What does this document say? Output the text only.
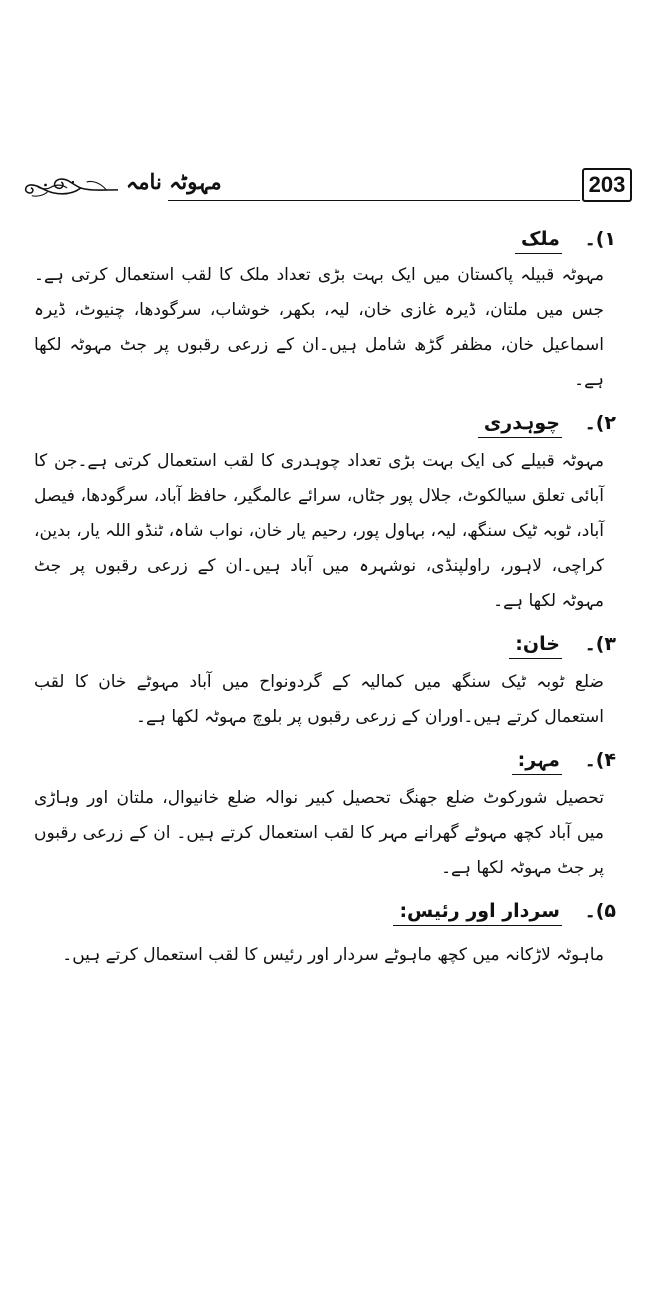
مہوٹہ نامہ	203
۱)۔ ملک

مہوٹہ قبیلہ پاکستان میں ایک بہت بڑی تعداد ملک کا لقب استعمال کرتی ہے۔ جس میں ملتان، ڈیرہ غازی خان، لیہ، بکھر، خوشاب، سرگودھا، چنیوٹ، ڈیرہ اسماعیل خان، مظفر گڑھ شامل ہیں۔ان کے زرعی رقبوں پر جٹ مہوٹہ لکھا ہے۔

۲)۔ چوہدری

مہوٹہ قبیلے کی ایک بہت بڑی تعداد چوہدری کا لقب استعمال کرتی ہے۔جن کا آبائی تعلق سیالکوٹ، جلال پور جٹاں، سرائے عالمگیر، حافظ آباد، سرگودھا، فیصل آباد، ٹوبہ ٹیک سنگھ، لیہ، بہاول پور، رحیم یار خان، نواب شاہ، ٹنڈو اللہ یار، بدین، کراچی، لاہور، راولپنڈی، نوشہرہ میں آباد ہیں۔ان کے زرعی رقبوں پر جٹ مہوٹہ لکھا ہے۔

۳)۔ خان:

ضلع ٹوبہ ٹیک سنگھ میں کمالیہ کے گردونواح میں آباد مہوٹے خان کا لقب استعمال کرتے ہیں۔اوران کے زرعی رقبوں پر بلوچ مہوٹہ لکھا ہے۔

۴)۔ مہر:

تحصیل شورکوٹ ضلع جھنگ تحصیل کبیر نوالہ ضلع خانیوال، ملتان اور وہاڑی میں آباد کچھ مہوٹے گھرانے مہر کا لقب استعمال کرتے ہیں۔ ان کے زرعی رقبوں پر جٹ مہوٹہ لکھا ہے۔

۵)۔ سردار اور رئیس:

ماہوٹہ لاڑکانہ میں کچھ ماہوٹے سردار اور رئیس کا لقب استعمال کرتے ہیں۔
